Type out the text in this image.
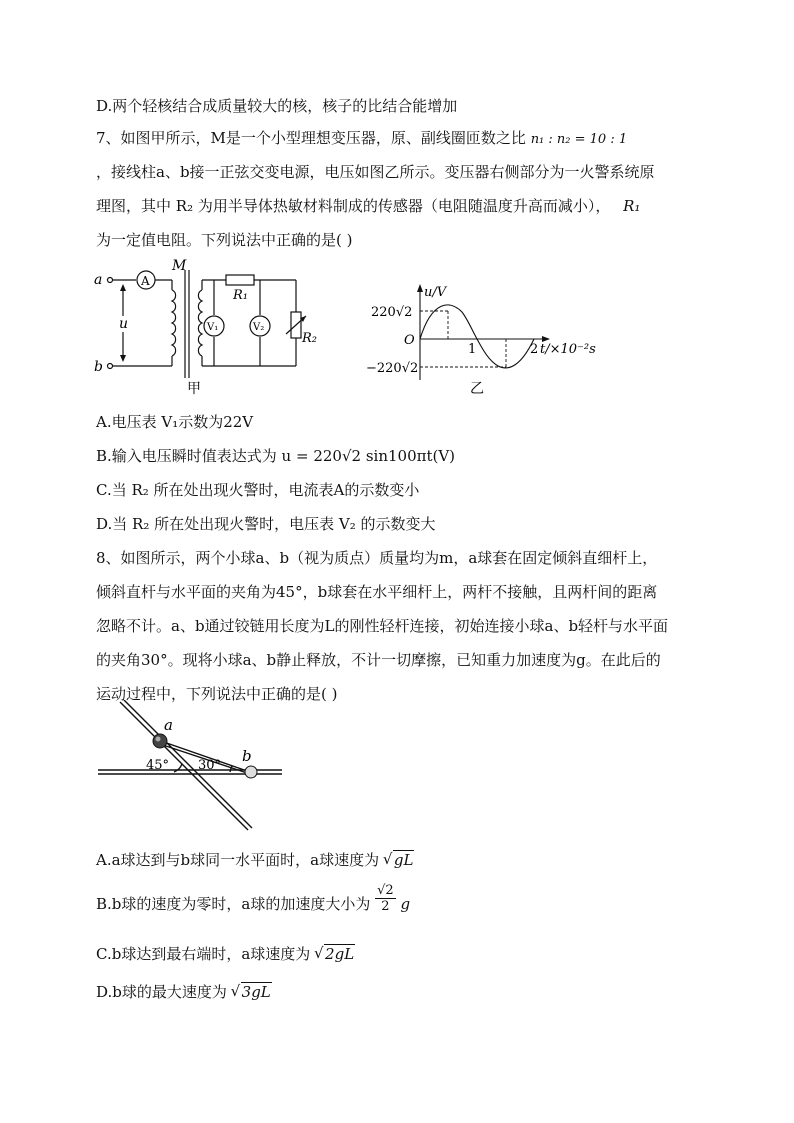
D.两个轻核结合成质量较大的核，核子的比结合能增加
7、如图甲所示，M是一个小型理想变压器，原、副线圈匝数之比 n₁ : n₂ = 10 : 1
，接线柱a、b接一正弦交变电源，电压如图乙所示。变压器右侧部分为一火警系统原
理图，其中 R₂ 为用半导体热敏材料制成的传感器（电阻随温度升高而减小）， R₁
为一定值电阻。下列说法中正确的是( )
a
b
u
M
A
V₁	V₂
R₁
R₂
甲
u/V
220√2
−220√2
O
1	2 t/×10⁻²s
乙
A.电压表 V₁示数为22V
B.输入电压瞬时值表达式为 u = 220√2 sin100πt(V)
C.当 R₂ 所在处出现火警时，电流表A的示数变小
D.当 R₂ 所在处出现火警时，电压表 V₂ 的示数变大
8、如图所示，两个小球a、b（视为质点）质量均为m，a球套在固定倾斜直细杆上，
倾斜直杆与水平面的夹角为45°，b球套在水平细杆上，两杆不接触，且两杆间的距离
忽略不计。a、b通过铰链用长度为L的刚性轻杆连接，初始连接小球a、b轻杆与水平面
的夹角30°。现将小球a、b静止释放，不计一切摩擦，已知重力加速度为g。在此后的
运动过程中，下列说法中正确的是( )
a
b
45° 30°
A.a球达到与b球同一水平面时，a球速度为 √ gL
B.b球的速度为零时，a球的加速度大小为 $\frac{√2}{2}$ g
C.b球达到最右端时，a球速度为 √ 2gL
D.b球的最大速度为 √ 3gL
